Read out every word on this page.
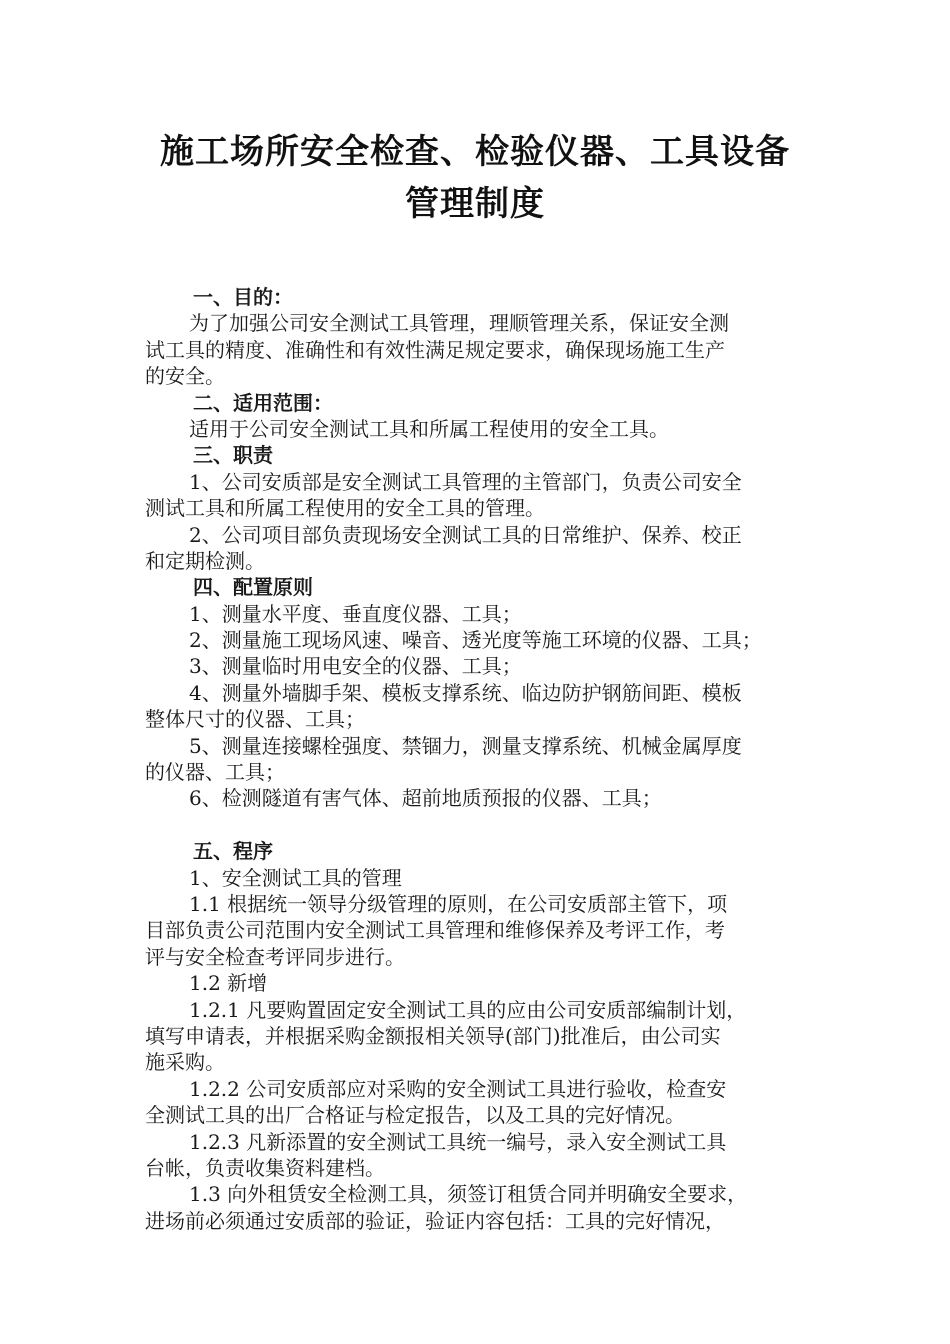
施工场所安全检查、检验仪器、工具设备
管理制度
一、目的：
为了加强公司安全测试工具管理，理顺管理关系，保证安全测
试工具的精度、准确性和有效性满足规定要求，确保现场施工生产
的安全。
二、适用范围：
适用于公司安全测试工具和所属工程使用的安全工具。
三、职责
1、公司安质部是安全测试工具管理的主管部门，负责公司安全
测试工具和所属工程使用的安全工具的管理。
2、公司项目部负责现场安全测试工具的日常维护、保养、校正
和定期检测。
四、配置原则
1、测量水平度、垂直度仪器、工具；
2、测量施工现场风速、噪音、透光度等施工环境的仪器、工具；
3、测量临时用电安全的仪器、工具；
4、测量外墙脚手架、模板支撑系统、临边防护钢筋间距、模板
整体尺寸的仪器、工具；
5、测量连接螺栓强度、禁锢力，测量支撑系统、机械金属厚度
的仪器、工具；
6、检测隧道有害气体、超前地质预报的仪器、工具；
五、程序
1、安全测试工具的管理
1.1 根据统一领导分级管理的原则，在公司安质部主管下，项
目部负责公司范围内安全测试工具管理和维修保养及考评工作，考
评与安全检查考评同步进行。
1.2 新增
1.2.1 凡要购置固定安全测试工具的应由公司安质部编制计划，
填写申请表，并根据采购金额报相关领导(部门)批准后，由公司实
施采购。
1.2.2 公司安质部应对采购的安全测试工具进行验收，检查安
全测试工具的出厂合格证与检定报告，以及工具的完好情况。
1.2.3 凡新添置的安全测试工具统一编号，录入安全测试工具
台帐，负责收集资料建档。
1.3 向外租赁安全检测工具，须签订租赁合同并明确安全要求，
进场前必须通过安质部的验证，验证内容包括：工具的完好情况，
